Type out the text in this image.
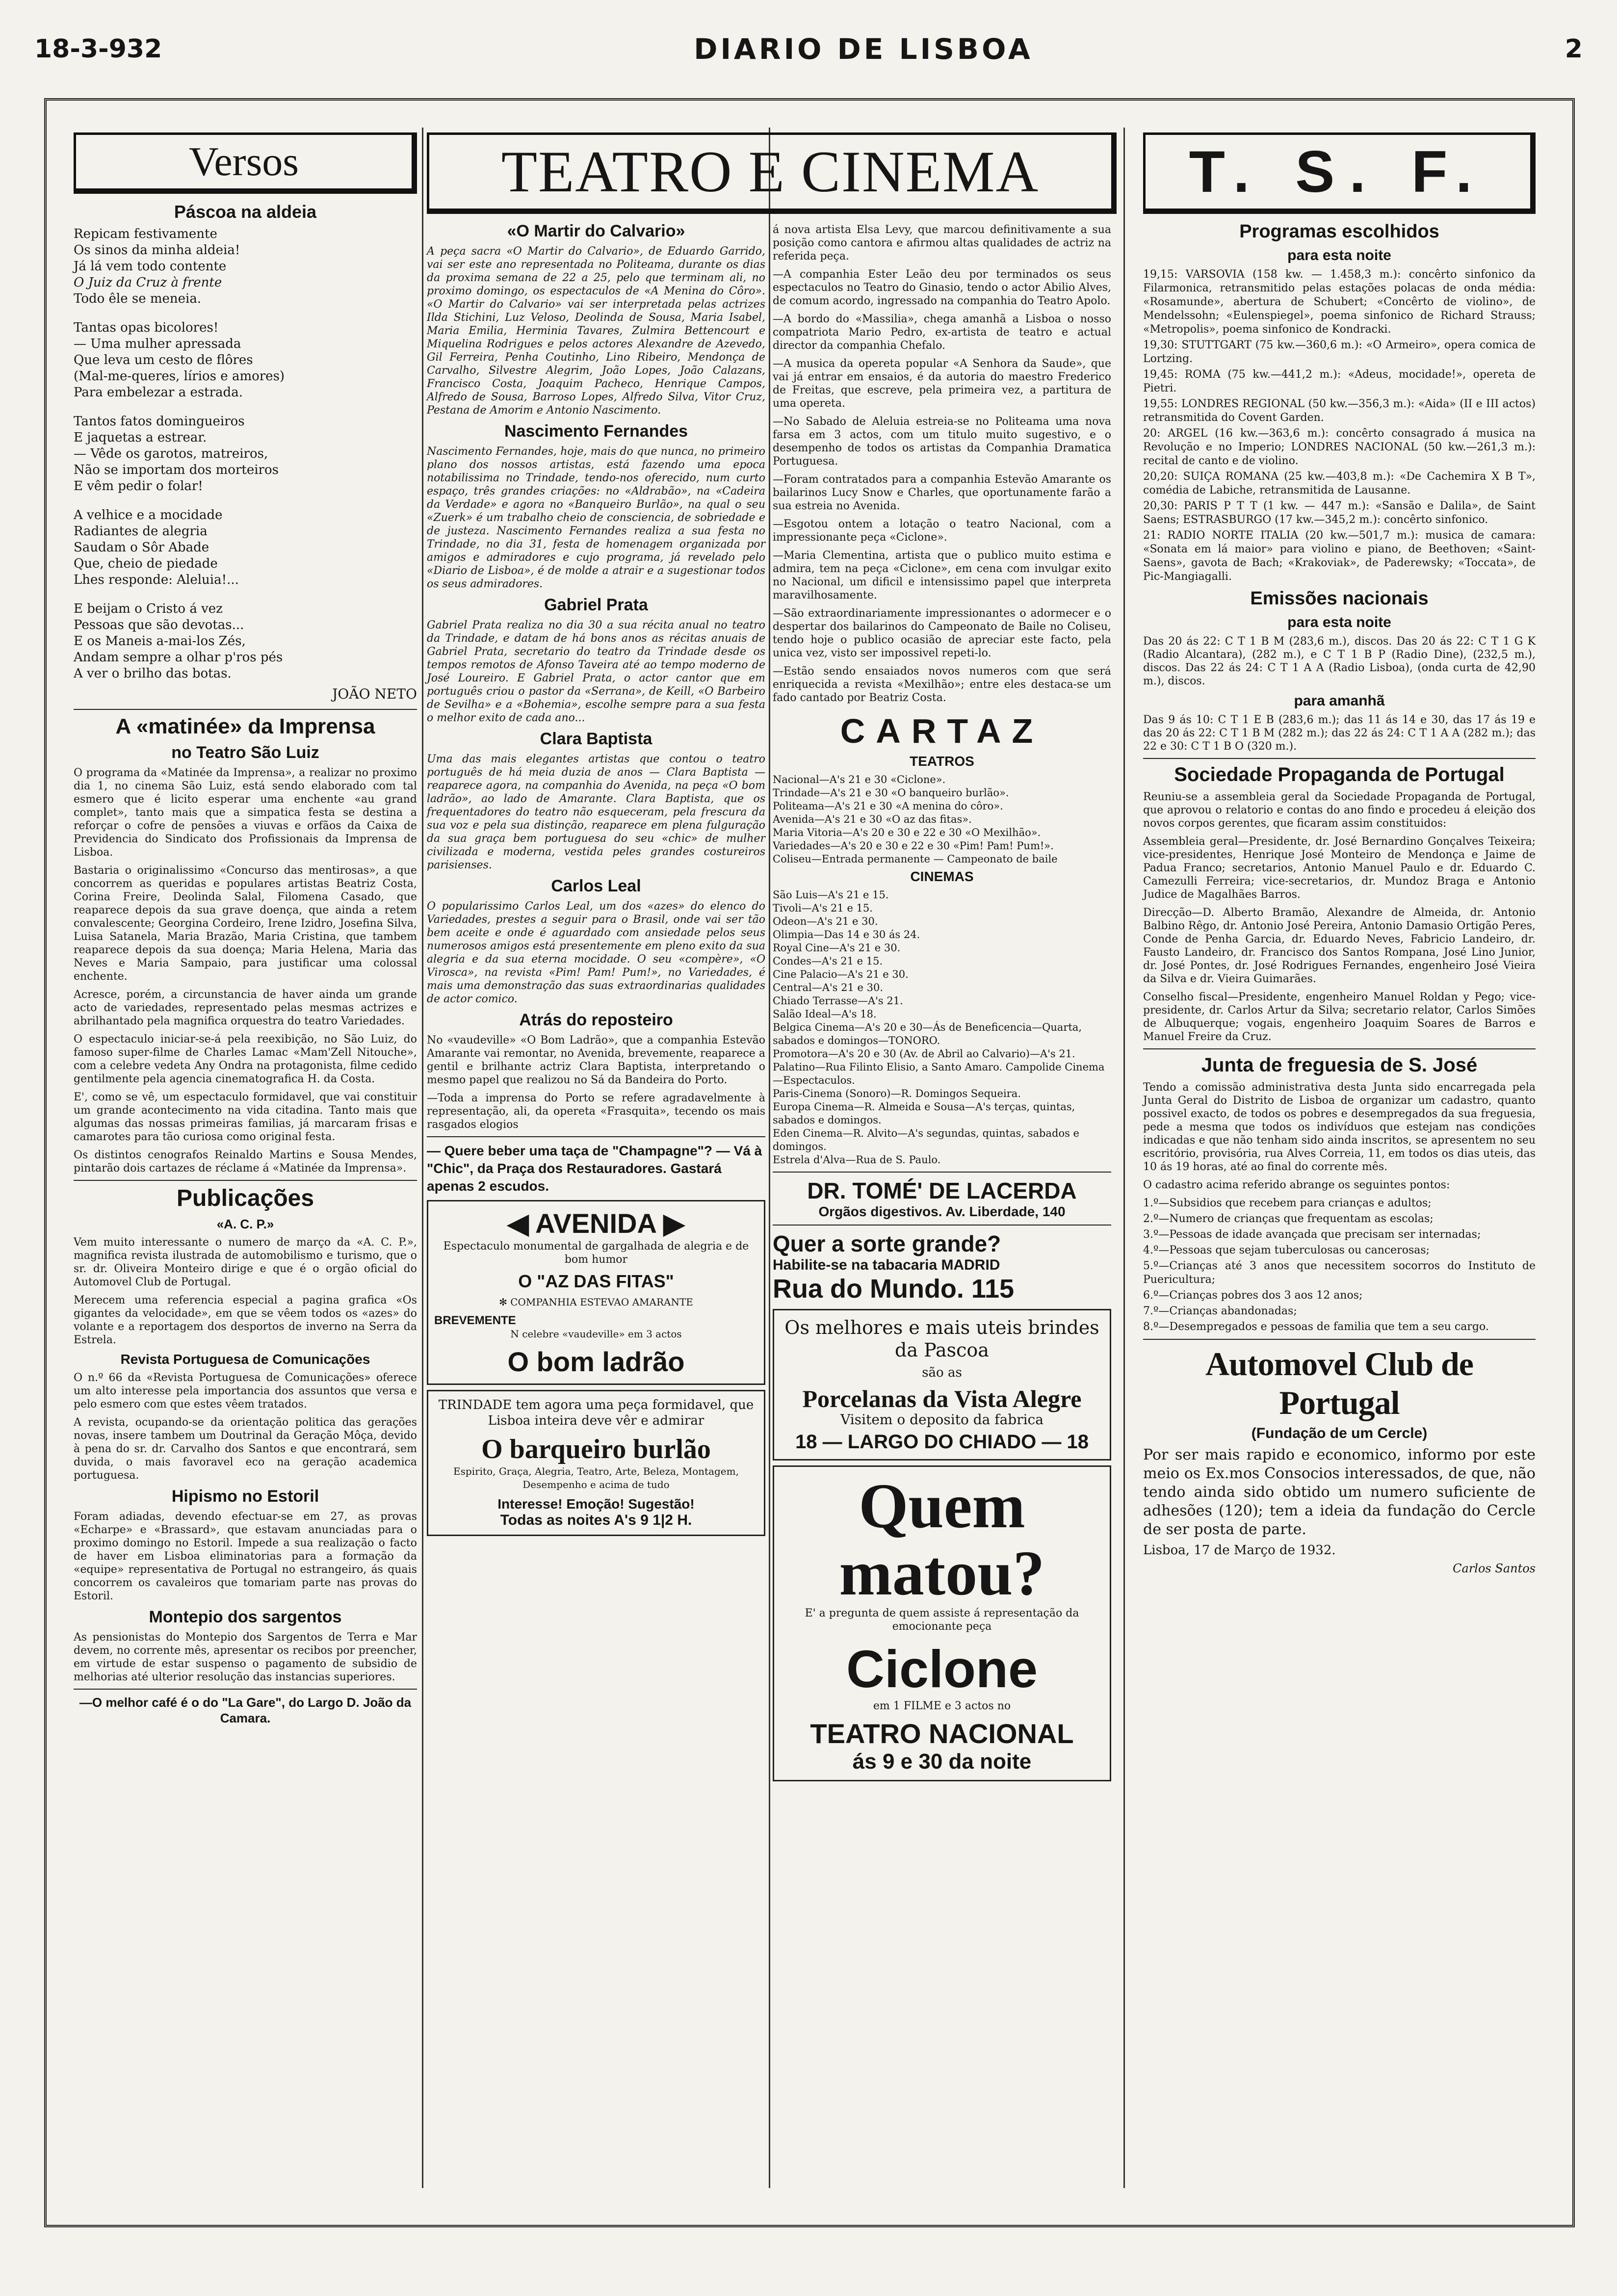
18-3-932	DIARIO DE LISBOA	2
Versos
Páscoa na aldeia

Repicam festivamente

Os sinos da minha aldeia!

Já lá vem todo contente

O Juiz da Cruz à frente

Todo êle se meneia.

Tantas opas bicolores!

— Uma mulher apressada

Que leva um cesto de flôres

(Mal-me-queres, lírios e amores)

Para embelezar a estrada.

Tantos fatos domingueiros

E jaquetas a estrear.

— Vêde os garotos, matreiros,

Não se importam dos morteiros

E vêm pedir o folar!

A velhice e a mocidade

Radiantes de alegria

Saudam o Sôr Abade

Que, cheio de piedade

Lhes responde: Aleluia!...

E beijam o Cristo á vez

Pessoas que são devotas...

E os Maneis a-mai-los Zés,

Andam sempre a olhar p'ros pés

A ver o brilho das botas.

JOÃO NETO
A «matinée» da Imprensa
no Teatro São Luiz

O programa da «Matinée da Imprensa», a realizar no proximo dia 1, no cinema São Luiz, está sendo elaborado com tal esmero que é licito esperar uma enchente «au grand complet», tanto mais que a simpatica festa se destina a reforçar o cofre de pensões a viuvas e orfãos da Caixa de Previdencia do Sindicato dos Profissionais da Imprensa de Lisboa.

Bastaria o originalissimo «Concurso das mentirosas», a que concorrem as queridas e populares artistas Beatriz Costa, Corina Freire, Deolinda Salal, Filomena Casado, que reaparece depois da sua grave doença, que ainda a retem convalescente; Georgina Cordeiro, Irene Izidro, Josefina Silva, Luisa Satanela, Maria Brazão, Maria Cristina, que tambem reaparece depois da sua doença; Maria Helena, Maria das Neves e Maria Sampaio, para justificar uma colossal enchente.

Acresce, porém, a circunstancia de haver ainda um grande acto de variedades, representado pelas mesmas actrizes e abrilhantado pela magnifica orquestra do teatro Variedades.

O espectaculo iniciar-se-á pela reexibição, no São Luiz, do famoso super-filme de Charles Lamac «Mam'Zell Nitouche», com a celebre vedeta Any Ondra na protagonista, filme cedido gentilmente pela agencia cinematografica H. da Costa.

E', como se vê, um espectaculo formidavel, que vai constituir um grande acontecimento na vida citadina. Tanto mais que algumas das nossas primeiras familias, já marcaram frisas e camarotes para tão curiosa como original festa.

Os distintos cenografos Reinaldo Martins e Sousa Mendes, pintarão dois cartazes de réclame á «Matinée da Imprensa».

Publicações
«A. C. P.»

Vem muito interessante o numero de março da «A. C. P.», magnifica revista ilustrada de automobilismo e turismo, que o sr. dr. Oliveira Monteiro dirige e que é o orgão oficial do Automovel Club de Portugal.

Merecem uma referencia especial a pagina grafica «Os gigantes da velocidade», em que se vêem todos os «azes» do volante e a reportagem dos desportos de inverno na Serra da Estrela.

Revista Portuguesa de Comunicações

O n.º 66 da «Revista Portuguesa de Comunicações» oferece um alto interesse pela importancia dos assuntos que versa e pelo esmero com que estes vêem tratados.

A revista, ocupando-se da orientação politica das gerações novas, insere tambem um Doutrinal da Geração Môça, devido à pena do sr. dr. Carvalho dos Santos e que encontrará, sem duvida, o mais favoravel eco na geração academica portuguesa.

Hipismo no Estoril

Foram adiadas, devendo efectuar-se em 27, as provas «Echarpe» e «Brassard», que estavam anunciadas para o proximo domingo no Estoril. Impede a sua realização o facto de haver em Lisboa eliminatorias para a formação da «equipe» representativa de Portugal no estrangeiro, ás quais concorrem os cavaleiros que tomariam parte nas provas do Estoril.

Montepio dos sargentos

As pensionistas do Montepio dos Sargentos de Terra e Mar devem, no corrente mês, apresentar os recibos por preencher, em virtude de estar suspenso o pagamento de subsidio de melhorias até ulterior resolução das instancias superiores.

—O melhor café é o do "La Gare", do Largo D. João da Camara.

TEATRO E CINEMA
«O Martir do Calvario»

A peça sacra «O Martir do Calvario», de Eduardo Garrido, vai ser este ano representada no Politeama, durante os dias da proxima semana de 22 a 25, pelo que terminam ali, no proximo domingo, os espectaculos de «A Menina do Côro». «O Martir do Calvario» vai ser interpretada pelas actrizes Ilda Stichini, Luz Veloso, Deolinda de Sousa, Maria Isabel, Maria Emilia, Herminia Tavares, Zulmira Bettencourt e Miquelina Rodrigues e pelos actores Alexandre de Azevedo, Gil Ferreira, Penha Coutinho, Lino Ribeiro, Mendonça de Carvalho, Silvestre Alegrim, João Lopes, João Calazans, Francisco Costa, Joaquim Pacheco, Henrique Campos, Alfredo de Sousa, Barroso Lopes, Alfredo Silva, Vitor Cruz, Pestana de Amorim e Antonio Nascimento.

Nascimento Fernandes

Nascimento Fernandes, hoje, mais do que nunca, no primeiro plano dos nossos artistas, está fazendo uma epoca notabilissima no Trindade, tendo-nos oferecido, num curto espaço, três grandes criações: no «Aldrabão», na «Cadeira da Verdade» e agora no «Banqueiro Burlão», na qual o seu «Zuerk» é um trabalho cheio de consciencia, de sobriedade e de justeza. Nascimento Fernandes realiza a sua festa no Trindade, no dia 31, festa de homenagem organizada por amigos e admiradores e cujo programa, já revelado pelo «Diario de Lisboa», é de molde a atrair e a sugestionar todos os seus admiradores.

Gabriel Prata

Gabriel Prata realiza no dia 30 a sua récita anual no teatro da Trindade, e datam de há bons anos as récitas anuais de Gabriel Prata, secretario do teatro da Trindade desde os tempos remotos de Afonso Taveira até ao tempo moderno de José Loureiro. E Gabriel Prata, o actor cantor que em português criou o pastor da «Serrana», de Keill, «O Barbeiro de Sevilha» e a «Bohemia», escolhe sempre para a sua festa o melhor exito de cada ano...

Clara Baptista

Uma das mais elegantes artistas que contou o teatro português de há meia duzia de anos — Clara Baptista — reaparece agora, na companhia do Avenida, na peça «O bom ladrão», ao lado de Amarante. Clara Baptista, que os frequentadores do teatro não esqueceram, pela frescura da sua voz e pela sua distinção, reaparece em plena fulguração da sua graça bem portuguesa do seu «chic» de mulher civilizada e moderna, vestida peles grandes costureiros parisienses.

Carlos Leal

O popularissimo Carlos Leal, um dos «azes» do elenco do Variedades, prestes a seguir para o Brasil, onde vai ser tão bem aceite e onde é aguardado com ansiedade pelos seus numerosos amigos está presentemente em pleno exito da sua alegria e da sua eterna mocidade. O seu «compère», «O Virosca», na revista «Pim! Pam! Pum!», no Variedades, é mais uma demonstração das suas extraordinarias qualidades de actor comico.

Atrás do reposteiro

No «vaudeville» «O Bom Ladrão», que a companhia Estevão Amarante vai remontar, no Avenida, brevemente, reaparece a gentil e brilhante actriz Clara Baptista, interpretando o mesmo papel que realizou no Sá da Bandeira do Porto.

—Toda a imprensa do Porto se refere agradavelmente à representação, ali, da opereta «Frasquita», tecendo os mais rasgados elogios

— Quere beber uma taça de "Champagne"? — Vá à "Chic", da Praça dos Restauradores. Gastará apenas 2 escudos.

◀ AVENIDA ▶

Espectaculo monumental de gargalhada de alegria e de bom humor

O "AZ DAS FITAS"

✻ COMPANHIA ESTEVAO AMARANTE

BREVEMENTE

N celebre «vaudeville» em 3 actos

O bom ladrão

TRINDADE tem agora uma peça formidavel, que Lisboa inteira deve vêr e admirar

O barqueiro burlão

Espirito, Graça, Alegria, Teatro, Arte, Beleza, Montagem, Desempenho e acima de tudo

Interesse! Emoção! Sugestão!
Todas as noites A's 9 1|2 H.

á nova artista Elsa Levy, que marcou definitivamente a sua posição como cantora e afirmou altas qualidades de actriz na referida peça.

—A companhia Ester Leão deu por terminados os seus espectaculos no Teatro do Ginasio, tendo o actor Abilio Alves, de comum acordo, ingressado na companhia do Teatro Apolo.

—A bordo do «Massilia», chega amanhã a Lisboa o nosso compatriota Mario Pedro, ex-artista de teatro e actual director da companhia Chefalo.

—A musica da opereta popular «A Senhora da Saude», que vai já entrar em ensaios, é da autoria do maestro Frederico de Freitas, que escreve, pela primeira vez, a partitura de uma opereta.

—No Sabado de Aleluia estreia-se no Politeama uma nova farsa em 3 actos, com um titulo muito sugestivo, e o desempenho de todos os artistas da Companhia Dramatica Portuguesa.

—Foram contratados para a companhia Estevão Amarante os bailarinos Lucy Snow e Charles, que oportunamente farão a sua estreia no Avenida.

—Esgotou ontem a lotação o teatro Nacional, com a impressionante peça «Ciclone».

—Maria Clementina, artista que o publico muito estima e admira, tem na peça «Ciclone», em cena com invulgar exito no Nacional, um dificil e intensissimo papel que interpreta maravilhosamente.

—São extraordinariamente impressionantes o adormecer e o despertar dos bailarinos do Campeonato de Baile no Coliseu, tendo hoje o publico ocasião de apreciar este facto, pela unica vez, visto ser impossivel repeti-lo.

—Estão sendo ensaiados novos numeros com que será enriquecida a revista «Mexilhão»; entre eles destaca-se um fado cantado por Beatriz Costa.

CARTAZ
TEATROS

Nacional—A's 21 e 30 «Ciclone».

Trindade—A's 21 e 30 «O banqueiro burlão».

Politeama—A's 21 e 30 «A menina do côro».

Avenida—A's 21 e 30 «O az das fitas».

Maria Vitoria—A's 20 e 30 e 22 e 30 «O Mexilhão».

Variedades—A's 20 e 30 e 22 e 30 «Pim! Pam! Pum!».

Coliseu—Entrada permanente — Campeonato de baile

CINEMAS

São Luis—A's 21 e 15.

Tivoli—A's 21 e 15.

Odeon—A's 21 e 30.

Olimpia—Das 14 e 30 ás 24.

Royal Cine—A's 21 e 30.

Condes—A's 21 e 15.

Cine Palacio—A's 21 e 30.

Central—A's 21 e 30.

Chiado Terrasse—A's 21.

Salão Ideal—A's 18.

Belgica Cinema—A's 20 e 30—Ás de Beneficencia—Quarta, sabados e domingos—TONORO.

Promotora—A's 20 e 30 (Av. de Abril ao Calvario)—A's 21.

Palatino—Rua Filinto Elisio, a Santo Amaro. Campolide Cinema—Espectaculos.

Paris-Cinema (Sonoro)—R. Domingos Sequeira.

Europa Cinema—R. Almeida e Sousa—A's terças, quintas, sabados e domingos.

Eden Cinema—R. Alvito—A's segundas, quintas, sabados e domingos.

Estrela d'Alva—Rua de S. Paulo.

DR. TOMÉ' DE LACERDA
Orgãos digestivos. Av. Liberdade, 140
Quer a sorte grande?
Habilite-se na tabacaria MADRID
Rua do Mundo. 115

Os melhores e mais uteis brindes da Pascoa

são as

Porcelanas da Vista Alegre

Visitem o deposito da fabrica

18 — LARGO DO CHIADO — 18
Quem matou?

E' a pregunta de quem assiste á representação da emocionante peça

Ciclone

em 1 FILME e 3 actos no

TEATRO NACIONAL
ás 9 e 30 da noite
T. S. F.
Programas escolhidos
para esta noite

19,15: VARSOVIA (158 kw. — 1.458,3 m.): concêrto sinfonico da Filarmonica, retransmitido pelas estações polacas de onda média: «Rosamunde», abertura de Schubert; «Concêrto de violino», de Mendelssohn; «Eulenspiegel», poema sinfonico de Richard Strauss; «Metropolis», poema sinfonico de Kondracki.

19,30: STUTTGART (75 kw.—360,6 m.): «O Armeiro», opera comica de Lortzing.

19,45: ROMA (75 kw.—441,2 m.): «Adeus, mocidade!», opereta de Pietri.

19,55: LONDRES REGIONAL (50 kw.—356,3 m.): «Aida» (II e III actos) retransmitida do Covent Garden.

20: ARGEL (16 kw.—363,6 m.): concêrto consagrado á musica na Revolução e no Imperio; LONDRES NACIONAL (50 kw.—261,3 m.): recital de canto e de violino.

20,20: SUIÇA ROMANA (25 kw.—403,8 m.): «De Cachemira X B T», comédia de Labiche, retransmitida de Lausanne.

20,30: PARIS P T T (1 kw. — 447 m.): «Sansão e Dalila», de Saint Saens; ESTRASBURGO (17 kw.—345,2 m.): concêrto sinfonico.

21: RADIO NORTE ITALIA (20 kw.—501,7 m.): musica de camara: «Sonata em lá maior» para violino e piano, de Beethoven; «Saint-Saens», gavota de Bach; «Krakoviak», de Paderewsky; «Toccata», de Pic-Mangiagalli.

Emissões nacionais
para esta noite

Das 20 ás 22: C T 1 B M (283,6 m.), discos. Das 20 ás 22: C T 1 G K (Radio Alcantara), (282 m.), e C T 1 B P (Radio Dine), (232,5 m.), discos. Das 22 ás 24: C T 1 A A (Radio Lisboa), (onda curta de 42,90 m.), discos.

para amanhã

Das 9 ás 10: C T 1 E B (283,6 m.); das 11 ás 14 e 30, das 17 ás 19 e das 20 ás 22: C T 1 B M (282 m.); das 22 ás 24: C T 1 A A (282 m.); das 22 e 30: C T 1 B O (320 m.).

Sociedade Propaganda de Portugal

Reuniu-se a assembleia geral da Sociedade Propaganda de Portugal, que aprovou o relatorio e contas do ano findo e procedeu á eleição dos novos corpos gerentes, que ficaram assim constituidos:

Assembleia geral—Presidente, dr. José Bernardino Gonçalves Teixeira; vice-presidentes, Henrique José Monteiro de Mendonça e Jaime de Padua Franco; secretarios, Antonio Manuel Paulo e dr. Eduardo C. Camezulli Ferreira; vice-secretarios, dr. Mundoz Braga e Antonio Judice de Magalhães Barros.

Direcção—D. Alberto Bramão, Alexandre de Almeida, dr. Antonio Balbino Rêgo, dr. Antonio José Pereira, Antonio Damasio Ortigão Peres, Conde de Penha Garcia, dr. Eduardo Neves, Fabricio Landeiro, dr. Fausto Landeiro, dr. Francisco dos Santos Rompana, José Lino Junior, dr. José Pontes, dr. José Rodrigues Fernandes, engenheiro José Vieira da Silva e dr. Vieira Guimarães.

Conselho fiscal—Presidente, engenheiro Manuel Roldan y Pego; vice-presidente, dr. Carlos Artur da Silva; secretario relator, Carlos Simões de Albuquerque; vogais, engenheiro Joaquim Soares de Barros e Manuel Freire da Cruz.

Junta de freguesia de S. José

Tendo a comissão administrativa desta Junta sido encarregada pela Junta Geral do Distrito de Lisboa de organizar um cadastro, quanto possivel exacto, de todos os pobres e desempregados da sua freguesia, pede a mesma que todos os indivíduos que estejam nas condições indicadas e que não tenham sido ainda inscritos, se apresentem no seu escritório, provisória, rua Alves Correia, 11, em todos os dias uteis, das 10 ás 19 horas, até ao final do corrente mês.

O cadastro acima referido abrange os seguintes pontos:

1.º—Subsidios que recebem para crianças e adultos;

2.º—Numero de crianças que frequentam as escolas;

3.º—Pessoas de idade avançada que precisam ser internadas;

4.º—Pessoas que sejam tuberculosas ou cancerosas;

5.º—Crianças até 3 anos que necessitem socorros do Instituto de Puericultura;

6.º—Crianças pobres dos 3 aos 12 anos;

7.º—Crianças abandonadas;

8.º—Desempregados e pessoas de familia que tem a seu cargo.

Automovel Club de Portugal
(Fundação de um Cercle)

Por ser mais rapido e economico, informo por este meio os Ex.mos Consocios interessados, de que, não tendo ainda sido obtido um numero suficiente de adhesões (120); tem a ideia da fundação do Cercle de ser posta de parte.

Lisboa, 17 de Março de 1932.

Carlos Santos
